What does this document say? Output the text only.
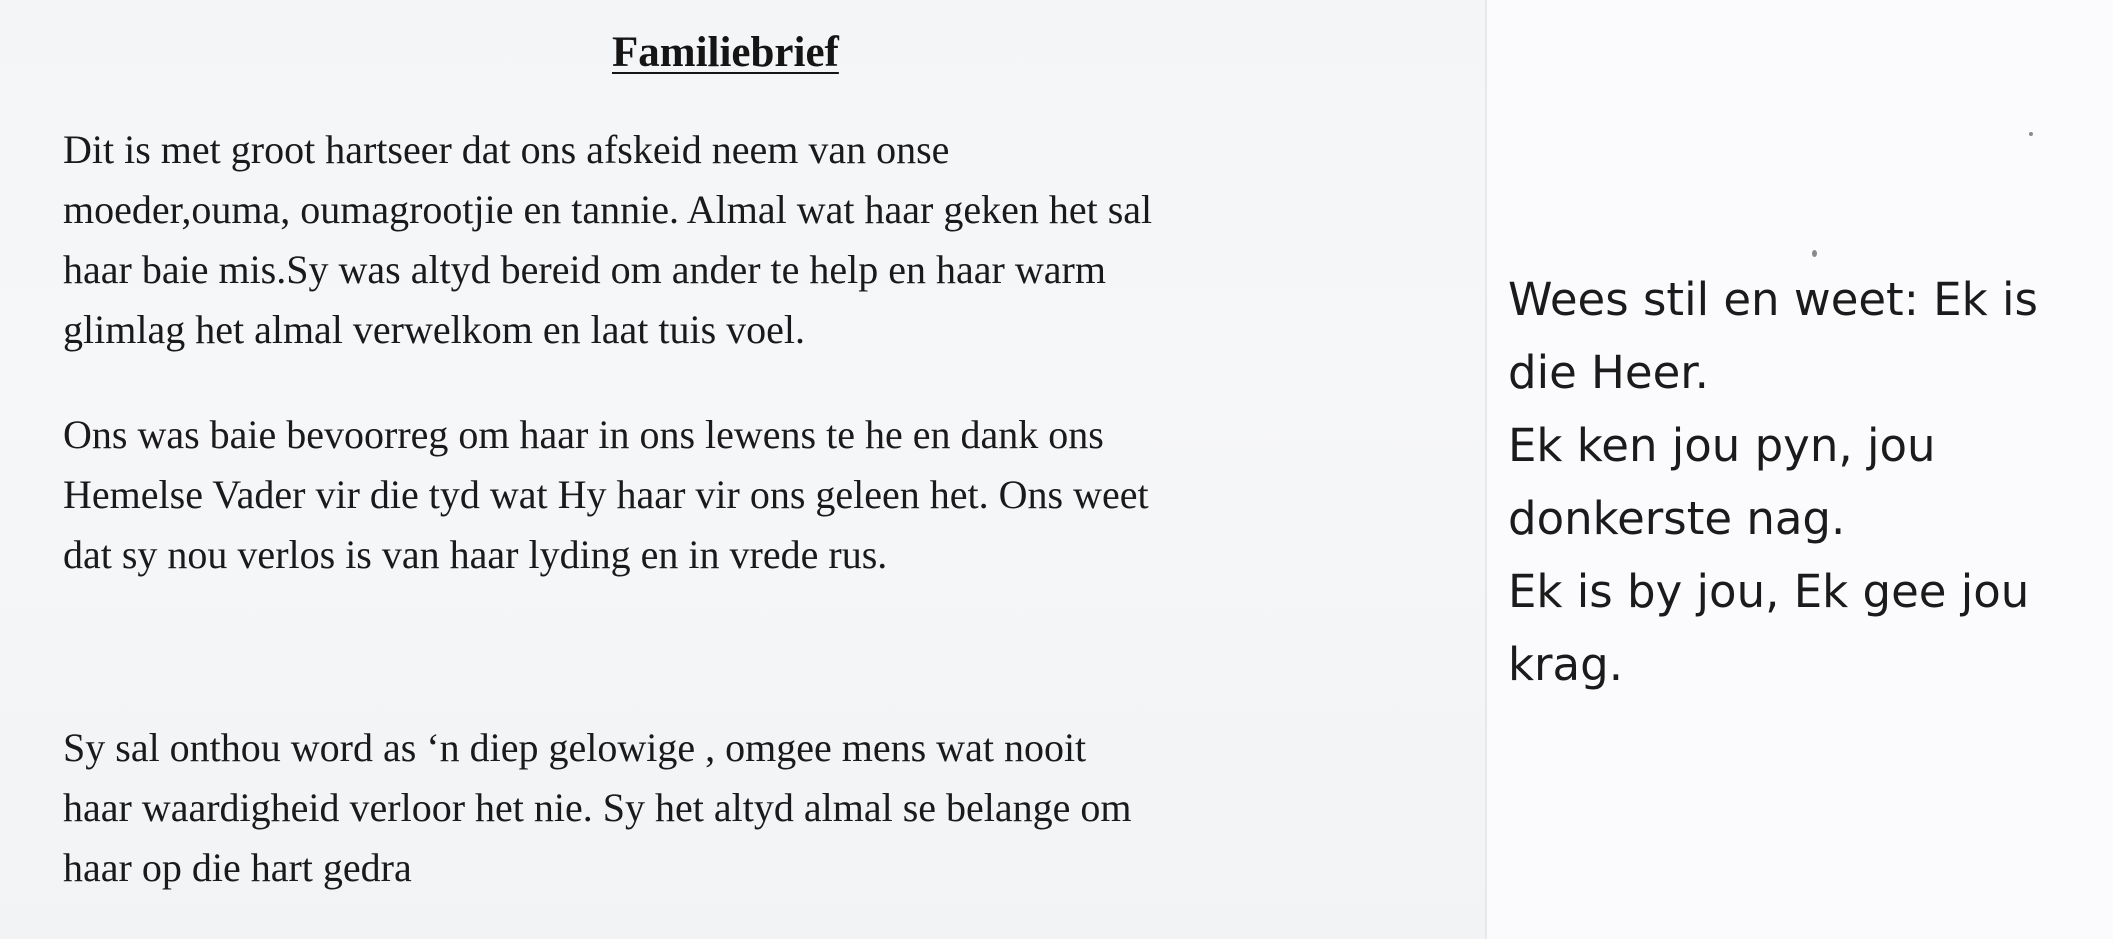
Familiebrief

Dit is met groot hartseer dat ons afskeid neem van onse
moeder,ouma, oumagrootjie en tannie. Almal wat haar geken het sal
haar baie mis.Sy was altyd bereid om ander te help en haar warm
glimlag het almal verwelkom en laat tuis voel.

Ons was baie bevoorreg om haar in ons lewens te he en dank ons
Hemelse Vader vir die tyd wat Hy haar vir ons geleen het. Ons weet
dat sy nou verlos is van haar lyding en in vrede rus.

Sy sal onthou word as ‘n diep gelowige , omgee mens wat nooit
haar waardigheid verloor het nie. Sy het altyd almal se belange om
haar op die hart gedra

Wees stil en weet: Ek is
die Heer.
Ek ken jou pyn, jou
donkerste nag.
Ek is by jou, Ek gee jou
krag.
